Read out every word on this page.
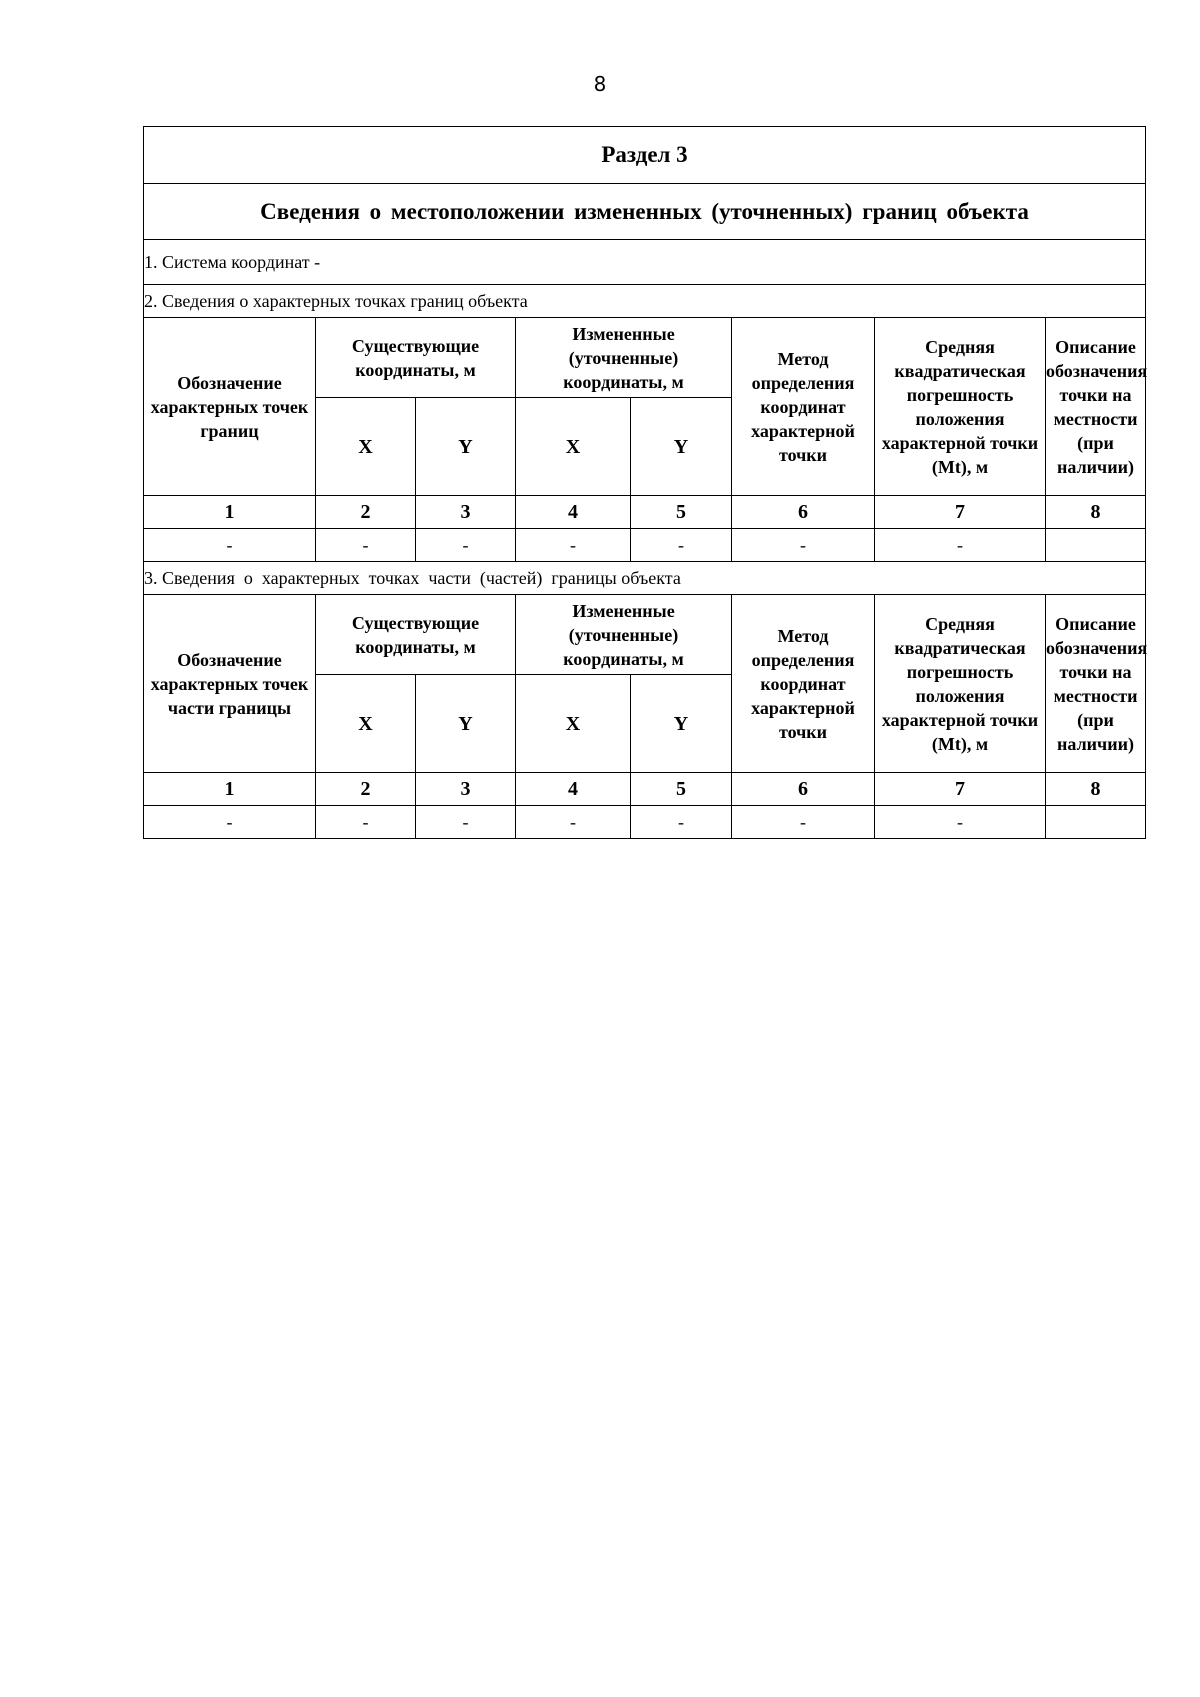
8
Раздел 3							
Сведения о местоположении измененных (уточненных) границ объекта							
1. Система координат -							
2. Сведения о характерных точках границ объекта							
Обозначение характерных точек границ	Существующие координаты, м		Измененные (уточненные) координаты, м		Метод определения координат характерной точки	Средняя квадратическая погрешность положения характерной точки (Mt), м	Описание обозначения точки на местности (при наличии)
	X	Y	X	Y			
1	2	3	4	5	6	7	8
-	-	-	-	-	-	-	
3. Сведения  о  характерных  точках  части  (частей)  границы объекта							
Обозначение характерных точек части границы	Существующие координаты, м		Измененные (уточненные) координаты, м		Метод определения координат характерной точки	Средняя квадратическая погрешность положения характерной точки (Mt), м	Описание обозначения точки на местности (при наличии)
	X	Y	X	Y			
1	2	3	4	5	6	7	8
-	-	-	-	-	-	-	
